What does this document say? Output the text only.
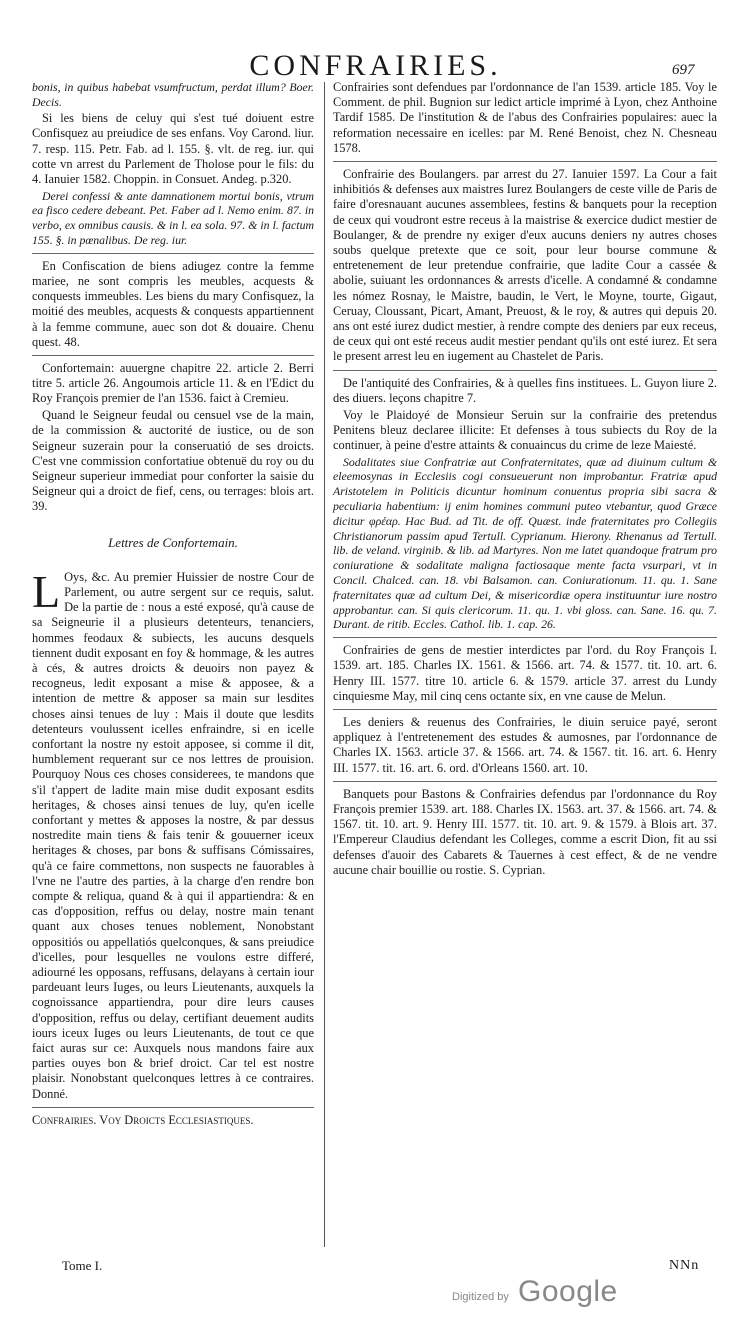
CONFRAIRIES.	697

bonis, in quibus habebat vsumfructum, perdat illum? Boer. Decis.

Si les biens de celuy qui s'est tué doiuent estre Confisquez au preiudice de ses enfans. Voy Carond. liur. 7. resp. 115. Petr. Fab. ad l. 155. §. vlt. de reg. iur. qui cotte vn arrest du Parlement de Tholose pour le fils: du 4. Ianuier 1582. Choppin. in Consuet. Andeg. p.320.

Derei confessi & ante damnationem mortui bonis, vtrum ea fisco cedere debeant. Pet. Faber ad l. Nemo enim. 87. in verbo, ex omnibus causis. & in l. ea sola. 97. & in l. factum 155. §. in pœnalibus. De reg. iur.

En Confiscation de biens adiugez contre la femme mariee, ne sont compris les meubles, acquests & conquests immeubles. Les biens du mary Confisquez, la moitié des meubles, acquests & conquests appartiennent à la femme commune, auec son dot & douaire. Chenu quest. 48.

Confortemain: auuergne chapitre 22. article 2. Berri titre 5. article 26. Angoumois article 11. & en l'Edict du Roy François premier de l'an 1536. faict à Cremieu.

Quand le Seigneur feudal ou censuel vse de la main, de la commission & auctorité de iustice, ou de son Seigneur suzerain pour la conseruatió de ses droicts. C'est vne commission confortatiue obtenuë du roy ou du Seigneur superieur immediat pour conforter la saisie du Seigneur qui a droict de fief, cens, ou terrages: blois art. 39.

Lettres de Confortemain.

L Oys, &c. Au premier Huissier de nostre Cour de Parlement, ou autre sergent sur ce requis, salut. De la partie de : nous a esté exposé, qu'à cause de sa Seigneurie il a plusieurs detenteurs, tenanciers, hommes feodaux & subiects, les aucuns desquels tiennent dudit exposant en foy & hommage, & les autres à cés, & autres droicts & deuoirs non payez & recogneus, ledit exposant a mise & apposee, & a intention de mettre & apposer sa main sur lesdites choses ainsi tenues de luy : Mais il doute que lesdits detenteurs voulussent icelles enfraindre, si en icelle confortant la nostre ny estoit apposee, si comme il dit, humblement requerant sur ce nos lettres de prouision. Pourquoy Nous ces choses considerees, te mandons que s'il t'appert de ladite main mise dudit exposant esdits heritages, & choses ainsi tenues de luy, qu'en icelle confortant y mettes & apposes la nostre, & par dessus nostredite main tiens & fais tenir & gouuerner iceux heritages & choses, par bons & suffisans Cómissaires, qu'à ce faire commettons, non suspects ne fauorables à l'vne ne l'autre des parties, à la charge d'en rendre bon compte & reliqua, quand & à qui il appartiendra: & en cas d'opposition, reffus ou delay, nostre main tenant quant aux choses tenues noblement, Nonobstant oppositiós ou appellatiós quelconques, & sans preiudice d'icelles, pour lesquelles ne voulons estre differé, adiourné les opposans, reffusans, delayans à certain iour pardeuant leurs Iuges, ou leurs Lieutenants, auxquels la cognoissance appartiendra, pour dire leurs causes d'opposition, reffus ou delay, certifiant deuement audits iours iceux Iuges ou leurs Lieutenants, de tout ce que faict auras sur ce: Auxquels nous mandons faire aux parties ouyes bon & brief droict. Car tel est nostre plaisir. Nonobstant quelconques lettres à ce contraires. Donné.

Confrairies. Voy Droicts Ecclesiastiques.

Confrairies sont defendues par l'ordonnance de l'an 1539. article 185. Voy le Comment. de phil. Bugnion sur ledict article imprimé à Lyon, chez Anthoine Tardif 1585. De l'institution & de l'abus des Confrairies populaires: auec la reformation necessaire en icelles: par M. René Benoist, chez N. Chesneau 1578.

Confrairie des Boulangers. par arrest du 27. Ianuier 1597. La Cour a fait inhibitiós & defenses aux maistres Iurez Boulangers de ceste ville de Paris de faire d'oresnauant aucunes assemblees, festins & banquets pour la reception de ceux qui voudront estre receus à la maistrise & exercice dudict mestier de Boulanger, & de prendre ny exiger d'eux aucuns deniers ny autres choses soubs quelque pretexte que ce soit, pour leur bourse commune & entretenement de leur pretendue confrairie, que ladite Cour a cassée & abolie, suiuant les ordonnances & arrests d'icelle. A condamné & condamne les nómez Rosnay, le Maistre, baudin, le Vert, le Moyne, tourte, Gigaut, Ceruay, Cloussant, Picart, Amant, Preuost, & le roy, & autres qui depuis 20. ans ont esté iurez dudict mestier, à rendre compte des deniers par eux receus, de ceux qui ont esté receus audit mestier pendant qu'ils ont esté iurez. Et sera le present arrest leu en iugement au Chastelet de Paris.

De l'antiquité des Confrairies, & à quelles fins instituees. L. Guyon liure 2. des diuers. leçons chapitre 7.

Voy le Plaidoyé de Monsieur Seruin sur la confrairie des pretendus Penitens bleuz declaree illicite: Et defenses à tous subiects du Roy de la continuer, à peine d'estre attaints & conuaincus du crime de leze Maiesté.

Sodalitates siue Confratriæ aut Confraternitates, quæ ad diuinum cultum & eleemosynas in Ecclesiis cogi consueuerunt non improbantur. Fratriæ apud Aristotelem in Politicis dicuntur hominum conuentus propria sibi sacra & peculiaria habentium: ij enim homines communi puteo vtebantur, quod Græce dicitur φρέαρ. Hac Bud. ad Tit. de off. Quæst. inde fraternitates pro Collegiis Christianorum passim apud Tertull. Cyprianum. Hierony. Rhenanus ad Tertull. lib. de veland. virginib. & lib. ad Martyres. Non me latet quandoque fratrum pro coniuratione & sodalitate maligna factiosaque mente facta vsurpari, vt in Concil. Chalced. can. 18. vbi Balsamon. can. Coniurationum. 11. qu. 1. Sane fraternitates quæ ad cultum Dei, & misericordiæ opera instituuntur iure nostro approbantur. can. Si quis clericorum. 11. qu. 1. vbi gloss. can. Sane. 16. qu. 7. Durant. de ritib. Eccles. Cathol. lib. 1. cap. 26.

Confrairies de gens de mestier interdictes par l'ord. du Roy François I. 1539. art. 185. Charles IX. 1561. & 1566. art. 74. & 1577. tit. 10. art. 6. Henry III. 1577. titre 10. article 6. & 1579. article 37. arrest du Lundy cinquiesme May, mil cinq cens octante six, en vne cause de Melun.

Les deniers & reuenus des Confrairies, le diuin seruice payé, seront appliquez à l'entretenement des estudes & aumosnes, par l'ordonnance de Charles IX. 1563. article 37. & 1566. art. 74. & 1567. tit. 16. art. 6. Henry III. 1577. tit. 16. art. 6. ord. d'Orleans 1560. art. 10.

Banquets pour Bastons & Confrairies defendus par l'ordonnance du Roy François premier 1539. art. 188. Charles IX. 1563. art. 37. & 1566. art. 74. & 1567. tit. 10. art. 9. Henry III. 1577. tit. 10. art. 9. & 1579. à Blois art. 37. l'Empereur Claudius defendant les Colleges, comme a escrit Dion, fit au ssi defenses d'auoir des Cabarets & Tauernes à cest effect, & de ne vendre aucune chair bouillie ou rostie. S. Cyprian.

Tome I.	NNn
Digitized by Google
